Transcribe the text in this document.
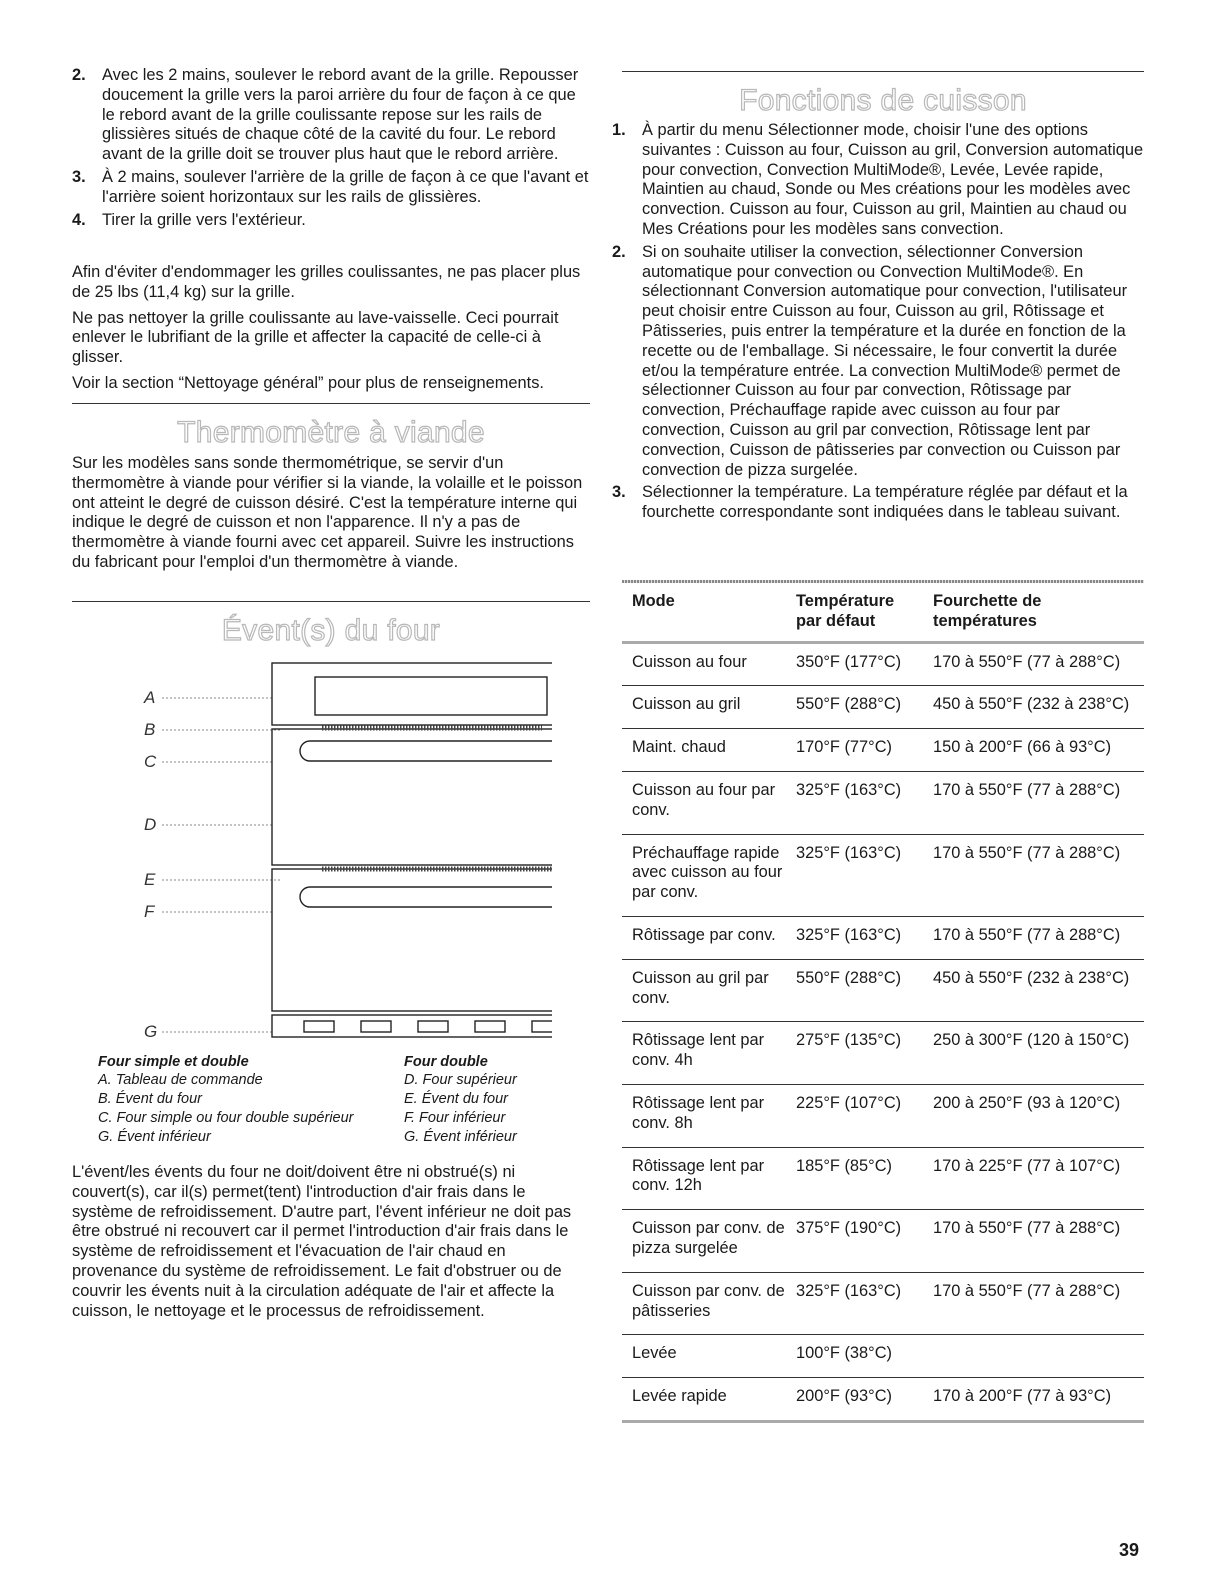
2. Avec les 2 mains, soulever le rebord avant de la grille. Repousser doucement la grille vers la paroi arrière du four de façon à ce que le rebord avant de la grille coulissante repose sur les rails de glissières situés de chaque côté de la cavité du four. Le rebord avant de la grille doit se trouver plus haut que le rebord arrière.
3. À 2 mains, soulever l'arrière de la grille de façon à ce que l'avant et l'arrière soient horizontaux sur les rails de glissières.
4. Tirer la grille vers l'extérieur.

Afin d'éviter d'endommager les grilles coulissantes, ne pas placer plus de 25 lbs (11,4 kg) sur la grille.

Ne pas nettoyer la grille coulissante au lave-vaisselle. Ceci pourrait enlever le lubrifiant de la grille et affecter la capacité de celle-ci à glisser.

Voir la section “Nettoyage général” pour plus de renseignements.

Thermomètre à viande

Sur les modèles sans sonde thermométrique, se servir d'un thermomètre à viande pour vérifier si la viande, la volaille et le poisson ont atteint le degré de cuisson désiré. C'est la température interne qui indique le degré de cuisson et non l'apparence. Il n'y a pas de thermomètre à viande fourni avec cet appareil. Suivre les instructions du fabricant pour l'emploi d'un thermomètre à viande.

Évent(s) du four
A
B
C
D
E
F
G
Four simple et double
A. Tableau de commande
B. Évent du four
C. Four simple ou four double supérieur
G. Évent inférieur
Four double
D. Four supérieur
E. Évent du four
F. Four inférieur
G. Évent inférieur

L'évent/les évents du four ne doit/doivent être ni obstrué(s) ni couvert(s), car il(s) permet(tent) l'introduction d'air frais dans le système de refroidissement. D'autre part, l'évent inférieur ne doit pas être obstrué ni recouvert car il permet l'introduction d'air frais dans le système de refroidissement et l'évacuation de l'air chaud en provenance du système de refroidissement. Le fait d'obstruer ou de couvrir les évents nuit à la circulation adéquate de l'air et affecte la cuisson, le nettoyage et le processus de refroidissement.

Fonctions de cuisson
1. À partir du menu Sélectionner mode, choisir l'une des options suivantes : Cuisson au four, Cuisson au gril, Conversion automatique pour convection, Convection MultiMode®, Levée, Levée rapide, Maintien au chaud, Sonde ou Mes créations pour les modèles avec convection. Cuisson au four, Cuisson au gril, Maintien au chaud ou Mes Créations pour les modèles sans convection.
2. Si on souhaite utiliser la convection, sélectionner Conversion automatique pour convection ou Convection MultiMode®. En sélectionnant Conversion automatique pour convection, l'utilisateur peut choisir entre Cuisson au four, Cuisson au gril, Rôtissage et Pâtisseries, puis entrer la température et la durée en fonction de la recette ou de l'emballage. Si nécessaire, le four convertit la durée et/ou la température entrée. La convection MultiMode® permet de sélectionner Cuisson au four par convection, Rôtissage par convection, Préchauffage rapide avec cuisson au four par convection, Cuisson au gril par convection, Rôtissage lent par convection, Cuisson de pâtisseries par convection ou Cuisson par convection de pizza surgelée.
3. Sélectionner la température. La température réglée par défaut et la fourchette correspondante sont indiquées dans le tableau suivant.
Mode	Température par défaut	Fourchette de températures
Cuisson au four	350°F (177°C)	170 à 550°F (77 à 288°C)
Cuisson au gril	550°F (288°C)	450 à 550°F (232 à 238°C)
Maint. chaud	170°F (77°C)	150 à 200°F (66 à 93°C)
Cuisson au four par conv.	325°F (163°C)	170 à 550°F (77 à 288°C)
Préchauffage rapide avec cuisson au four par conv.	325°F (163°C)	170 à 550°F (77 à 288°C)
Rôtissage par conv.	325°F (163°C)	170 à 550°F (77 à 288°C)
Cuisson au gril par conv.	550°F (288°C)	450 à 550°F (232 à 238°C)
Rôtissage lent par conv. 4h	275°F (135°C)	250 à 300°F (120 à 150°C)
Rôtissage lent par conv. 8h	225°F (107°C)	200 à 250°F (93 à 120°C)
Rôtissage lent par conv. 12h	185°F (85°C)	170 à 225°F (77 à 107°C)
Cuisson par conv. de pizza surgelée	375°F (190°C)	170 à 550°F (77 à 288°C)
Cuisson par conv. de pâtisseries	325°F (163°C)	170 à 550°F (77 à 288°C)
Levée	100°F (38°C)	
Levée rapide	200°F (93°C)	170 à 200°F (77 à 93°C)
39
